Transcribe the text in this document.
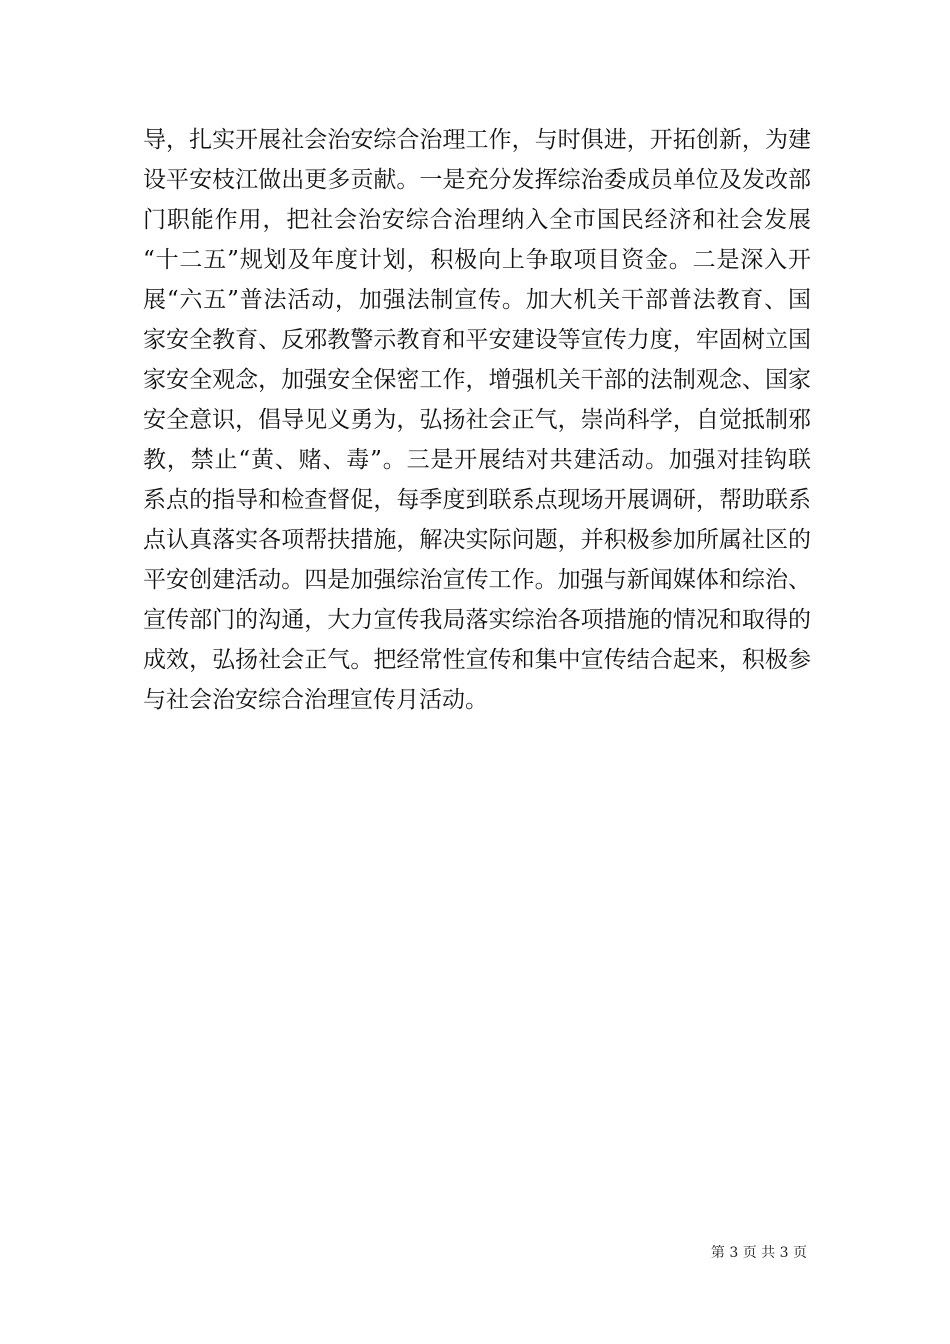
导，扎实开展社会治安综合治理工作，与时俱进，开拓创新，为建
设平安枝江做出更多贡献。一是充分发挥综治委成员单位及发改部
门职能作用，把社会治安综合治理纳入全市国民经济和社会发展
“十二五”规划及年度计划，积极向上争取项目资金。二是深入开
展“六五”普法活动，加强法制宣传。加大机关干部普法教育、国
家安全教育、反邪教警示教育和平安建设等宣传力度，牢固树立国
家安全观念，加强安全保密工作，增强机关干部的法制观念、国家
安全意识，倡导见义勇为，弘扬社会正气，崇尚科学，自觉抵制邪
教，禁止“黄、赌、毒”。三是开展结对共建活动。加强对挂钩联
系点的指导和检查督促，每季度到联系点现场开展调研，帮助联系
点认真落实各项帮扶措施，解决实际问题，并积极参加所属社区的
平安创建活动。四是加强综治宣传工作。加强与新闻媒体和综治、
宣传部门的沟通，大力宣传我局落实综治各项措施的情况和取得的
成效，弘扬社会正气。把经常性宣传和集中宣传结合起来，积极参
与社会治安综合治理宣传月活动。
第 3 页 共 3 页
